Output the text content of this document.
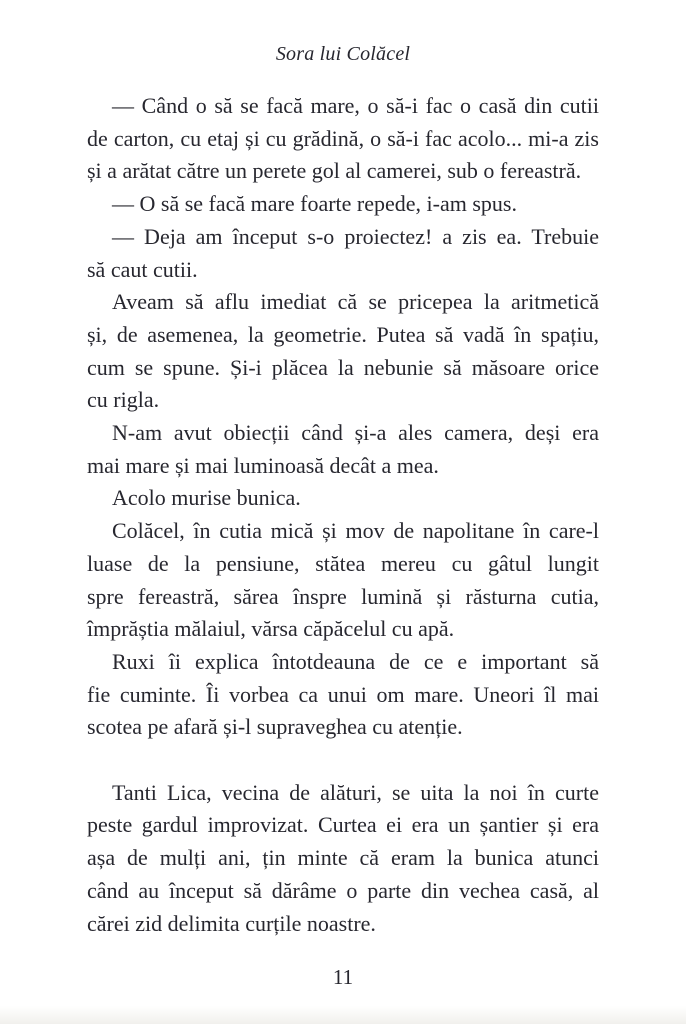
Sora lui Colăcel

— Când o să se facă mare, o să-i fac o casă din cutii
de carton, cu etaj și cu grădină, o să-i fac acolo... mi-a zis
și a arătat către un perete gol al camerei, sub o fereastră.

— O să se facă mare foarte repede, i-am spus.

— Deja am început s-o proiectez! a zis ea. Trebuie
să caut cutii.

Aveam să aflu imediat că se pricepea la aritmetică
și, de asemenea, la geometrie. Putea să vadă în spațiu,
cum se spune. Și-i plăcea la nebunie să măsoare orice
cu rigla.

N-am avut obiecții când și-a ales camera, deși era
mai mare și mai luminoasă decât a mea.

Acolo murise bunica.

Colăcel, în cutia mică și mov de napolitane în care-l
luase de la pensiune, stătea mereu cu gâtul lungit
spre fereastră, sărea înspre lumină și răsturna cutia,
împrăștia mălaiul, vărsa căpăcelul cu apă.

Ruxi îi explica întotdeauna de ce e important să
fie cuminte. Îi vorbea ca unui om mare. Uneori îl mai
scotea pe afară și-l supraveghea cu atenție.

Tanti Lica, vecina de alături, se uita la noi în curte
peste gardul improvizat. Curtea ei era un șantier și era
așa de mulți ani, țin minte că eram la bunica atunci
când au început să dărâme o parte din vechea casă, al
cărei zid delimita curțile noastre.

11
